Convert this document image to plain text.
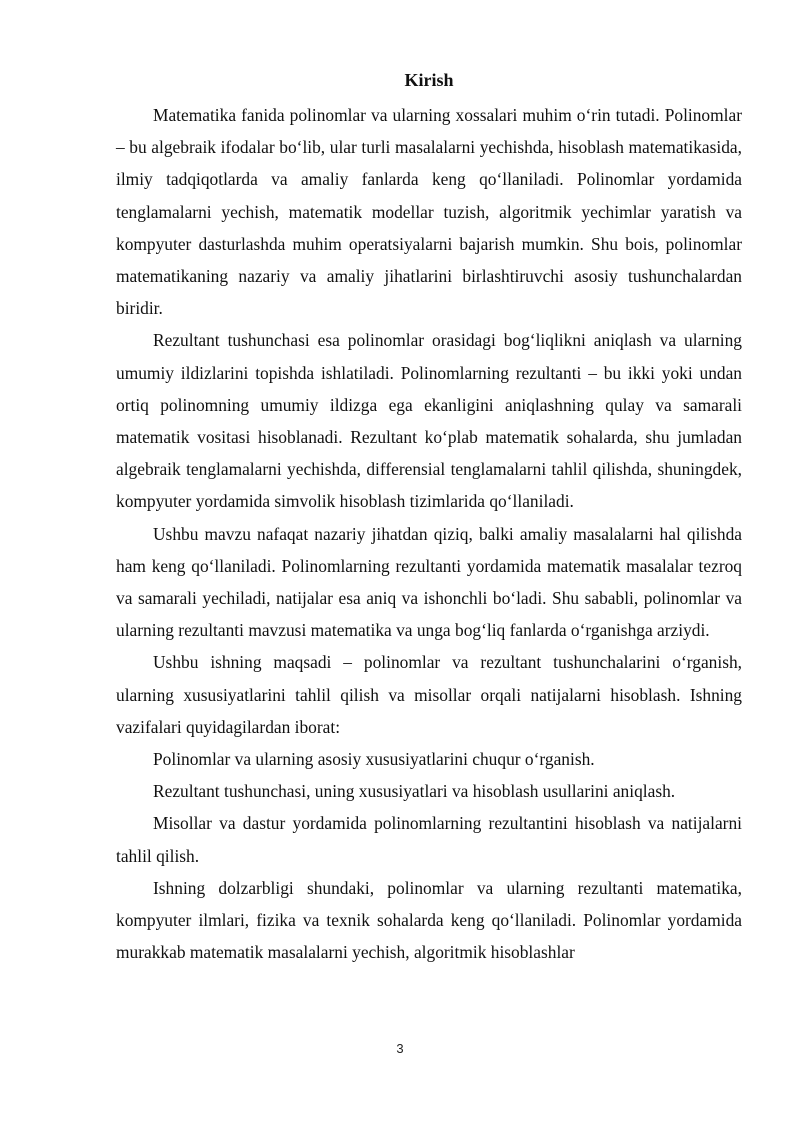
Kirish

Matematika fanida polinomlar va ularning xossalari muhim o‘rin tutadi. Polinomlar – bu algebraik ifodalar bo‘lib, ular turli masalalarni yechishda, hisoblash matematikasida, ilmiy tadqiqotlarda va amaliy fanlarda keng qo‘llaniladi. Polinomlar yordamida tenglamalarni yechish, matematik modellar tuzish, algoritmik yechimlar yaratish va kompyuter dasturlashda muhim operatsiyalarni bajarish mumkin. Shu bois, polinomlar matematikaning nazariy va amaliy jihatlarini birlashtiruvchi asosiy tushunchalardan biridir.

Rezultant tushunchasi esa polinomlar orasidagi bog‘liqlikni aniqlash va ularning umumiy ildizlarini topishda ishlatiladi. Polinomlarning rezultanti – bu ikki yoki undan ortiq polinomning umumiy ildizga ega ekanligini aniqlashning qulay va samarali matematik vositasi hisoblanadi. Rezultant ko‘plab matematik sohalarda, shu jumladan algebraik tenglamalarni yechishda, differensial tenglamalarni tahlil qilishda, shuningdek, kompyuter yordamida simvolik hisoblash tizimlarida qo‘llaniladi.

Ushbu mavzu nafaqat nazariy jihatdan qiziq, balki amaliy masalalarni hal qilishda ham keng qo‘llaniladi. Polinomlarning rezultanti yordamida matematik masalalar tezroq va samarali yechiladi, natijalar esa aniq va ishonchli bo‘ladi. Shu sababli, polinomlar va ularning rezultanti mavzusi matematika va unga bog‘liq fanlarda o‘rganishga arziydi.

Ushbu ishning maqsadi – polinomlar va rezultant tushunchalarini o‘rganish, ularning xususiyatlarini tahlil qilish va misollar orqali natijalarni hisoblash. Ishning vazifalari quyidagilardan iborat:

Polinomlar va ularning asosiy xususiyatlarini chuqur o‘rganish.

Rezultant tushunchasi, uning xususiyatlari va hisoblash usullarini aniqlash.

Misollar va dastur yordamida polinomlarning rezultantini hisoblash va natijalarni tahlil qilish.

Ishning dolzarbligi shundaki, polinomlar va ularning rezultanti matematika, kompyuter ilmlari, fizika va texnik sohalarda keng qo‘llaniladi. Polinomlar yordamida murakkab matematik masalalarni yechish, algoritmik hisoblashlar

3
